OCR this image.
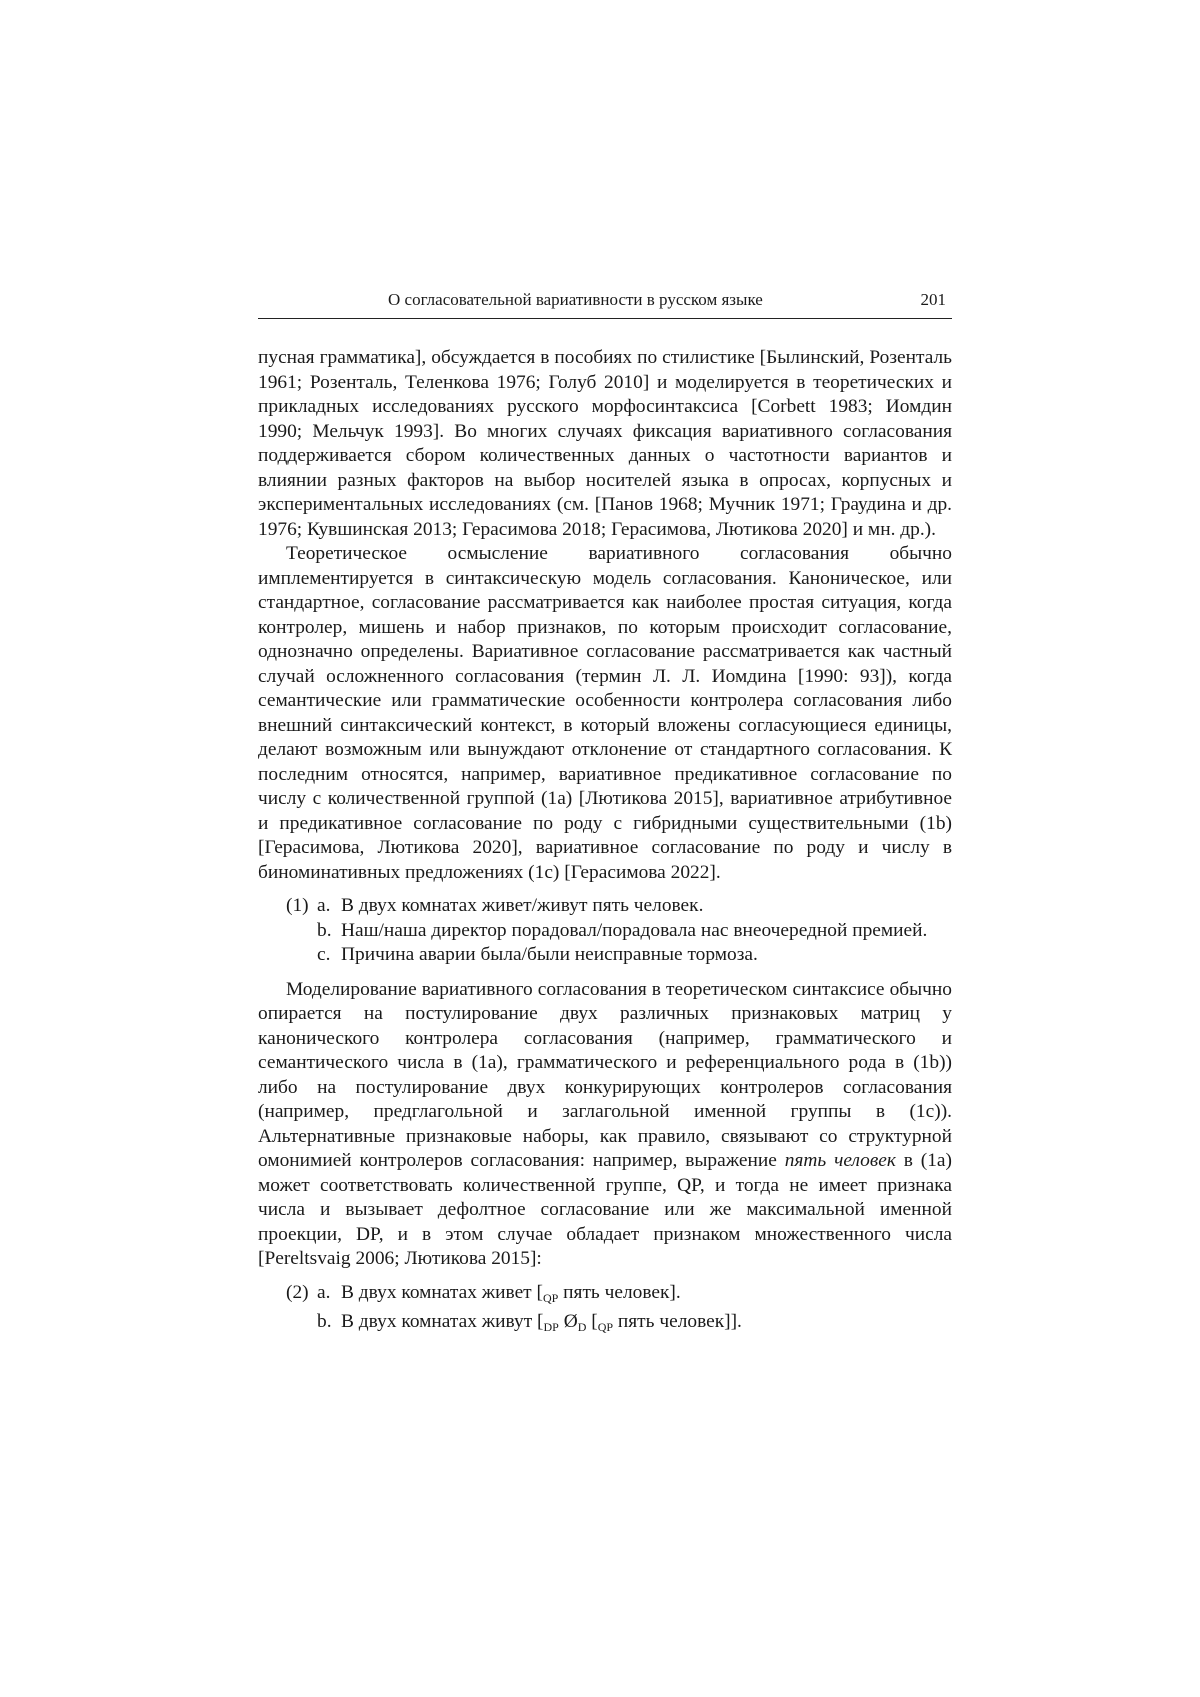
О согласовательной вариативности в русском языке	201

пусная грамматика], обсуждается в пособиях по стилистике [Былинский, Розенталь 1961; Розенталь, Теленкова 1976; Голуб 2010] и моделируется в теоретических и прикладных исследованиях русского морфосинтаксиса [Corbett 1983; Иомдин 1990; Мельчук 1993]. Во многих случаях фиксация вариативного согласования поддерживается сбором количественных данных о частотности вариантов и влиянии разных факторов на выбор носителей языка в опросах, корпусных и экспериментальных исследованиях (см. [Панов 1968; Мучник 1971; Граудина и др. 1976; Кувшинская 2013; Герасимова 2018; Герасимова, Лютикова 2020] и мн. др.).

Теоретическое осмысление вариативного согласования обычно имплементируется в синтаксическую модель согласования. Каноническое, или стандартное, согласование рассматривается как наиболее простая ситуация, когда контролер, мишень и набор признаков, по которым происходит согласование, однозначно определены. Вариативное согласование рассматривается как частный случай осложненного согласования (термин Л. Л. Иомдина [1990: 93]), когда семантические или грамматические особенности контролера согласования либо внешний синтаксический контекст, в который вложены согласующиеся единицы, делают возможным или вынуждают отклонение от стандартного согласования. К последним относятся, например, вариативное предикативное согласование по числу с количественной группой (1a) [Лютикова 2015], вариативное атрибутивное и предикативное согласование по роду с гибридными существительными (1b) [Герасимова, Лютикова 2020], вариативное согласование по роду и числу в биноминативных предложениях (1c) [Герасимова 2022].

(1) a. В двух комнатах живет/живут пять человек.
b. Наш/наша директор порадовал/порадовала нас внеочередной премией.
c. Причина аварии была/были неисправные тормоза.

Моделирование вариативного согласования в теоретическом синтаксисе обычно опирается на постулирование двух различных признаковых матриц у канонического контролера согласования (например, грамматического и семантического числа в (1a), грамматического и референциального рода в (1b)) либо на постулирование двух конкурирующих контролеров согласования (например, предглагольной и заглагольной именной группы в (1c)). Альтернативные признаковые наборы, как правило, связывают со структурной омонимией контролеров согласования: например, выражение пять человек в (1a) может соответствовать количественной группе, QP, и тогда не имеет признака числа и вызывает дефолтное согласование или же максимальной именной проекции, DP, и в этом случае обладает признаком множественного числа [Pereltsvaig 2006; Лютикова 2015]:

(2) a. В двух комнатах живет [$_{QP}$ пять человек].
b. В двух комнатах живут [$_{DP}$ $Ø_D$ [$_{QP}$ пять человек]].
